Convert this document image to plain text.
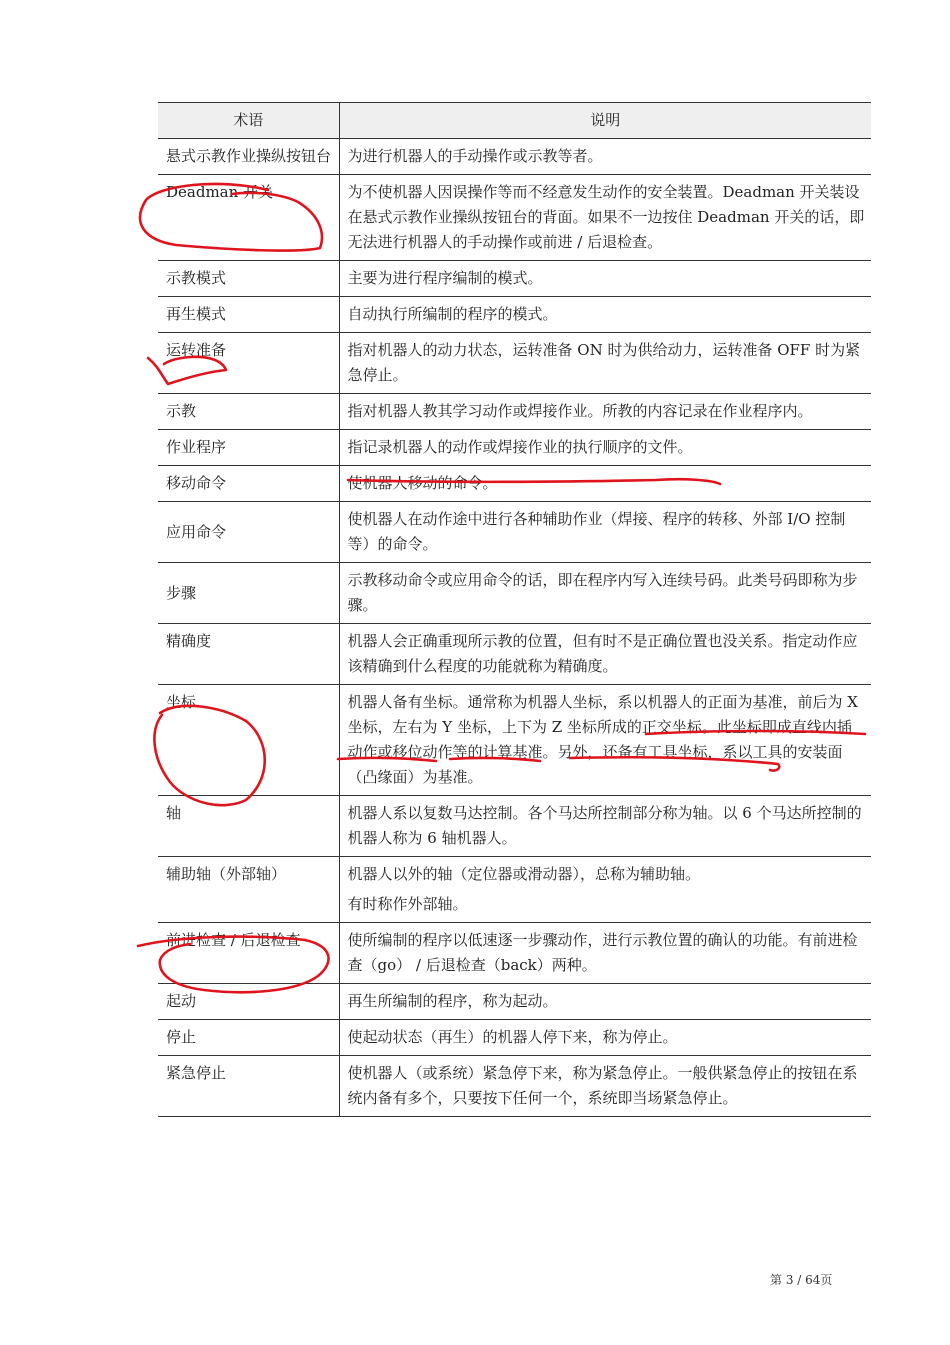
术语	说明
悬式示教作业操纵按钮台	为进行机器人的手动操作或示教等者。

Deadman 开关	为不使机器人因误操作等而不经意发生动作的安全装置。Deadman 开关装设在悬式示教作业操纵按钮台的背面。如果不一边按住 Deadman 开关的话，即无法进行机器人的手动操作或前进 / 后退检查。

示教模式	主要为进行程序编制的模式。

再生模式	自动执行所编制的程序的模式。

运转准备	指对机器人的动力状态，运转准备 ON 时为供给动力，运转准备 OFF 时为紧急停止。

示教	指对机器人教其学习动作或焊接作业。所教的内容记录在作业程序内。

作业程序	指记录机器人的动作或焊接作业的执行顺序的文件。

移动命令	使机器人移动的命令。

应用命令	使机器人在动作途中进行各种辅助作业（焊接、程序的转移、外部 I/O 控制等）的命令。

步骤	示教移动命令或应用命令的话，即在程序内写入连续号码。此类号码即称为步骤。

精确度	机器人会正确重现所示教的位置，但有时不是正确位置也没关系。指定动作应该精确到什么程度的功能就称为精确度。

坐标	机器人备有坐标。通常称为机器人坐标，系以机器人的正面为基准，前后为 X 坐标，左右为 Y 坐标，上下为 Z 坐标所成的正交坐标。此坐标即成直线内插动作或移位动作等的计算基准。另外，还备有工具坐标，系以工具的安装面（凸缘面）为基准。

轴	机器人系以复数马达控制。各个马达所控制部分称为轴。以 6 个马达所控制的机器人称为 6 轴机器人。

辅助轴（外部轴）	机器人以外的轴（定位器或滑动器），总称为辅助轴。

有时称作外部轴。

前进检查 / 后退检查	使所编制的程序以低速逐一步骤动作，进行示教位置的确认的功能。有前进检查（go） / 后退检查（back）两种。

起动	再生所编制的程序，称为起动。

停止	使起动状态（再生）的机器人停下来，称为停止。

紧急停止	使机器人（或系统）紧急停下来，称为紧急停止。一般供紧急停止的按钮在系统内备有多个，只要按下任何一个，系统即当场紧急停止。

第 3 / 64页
